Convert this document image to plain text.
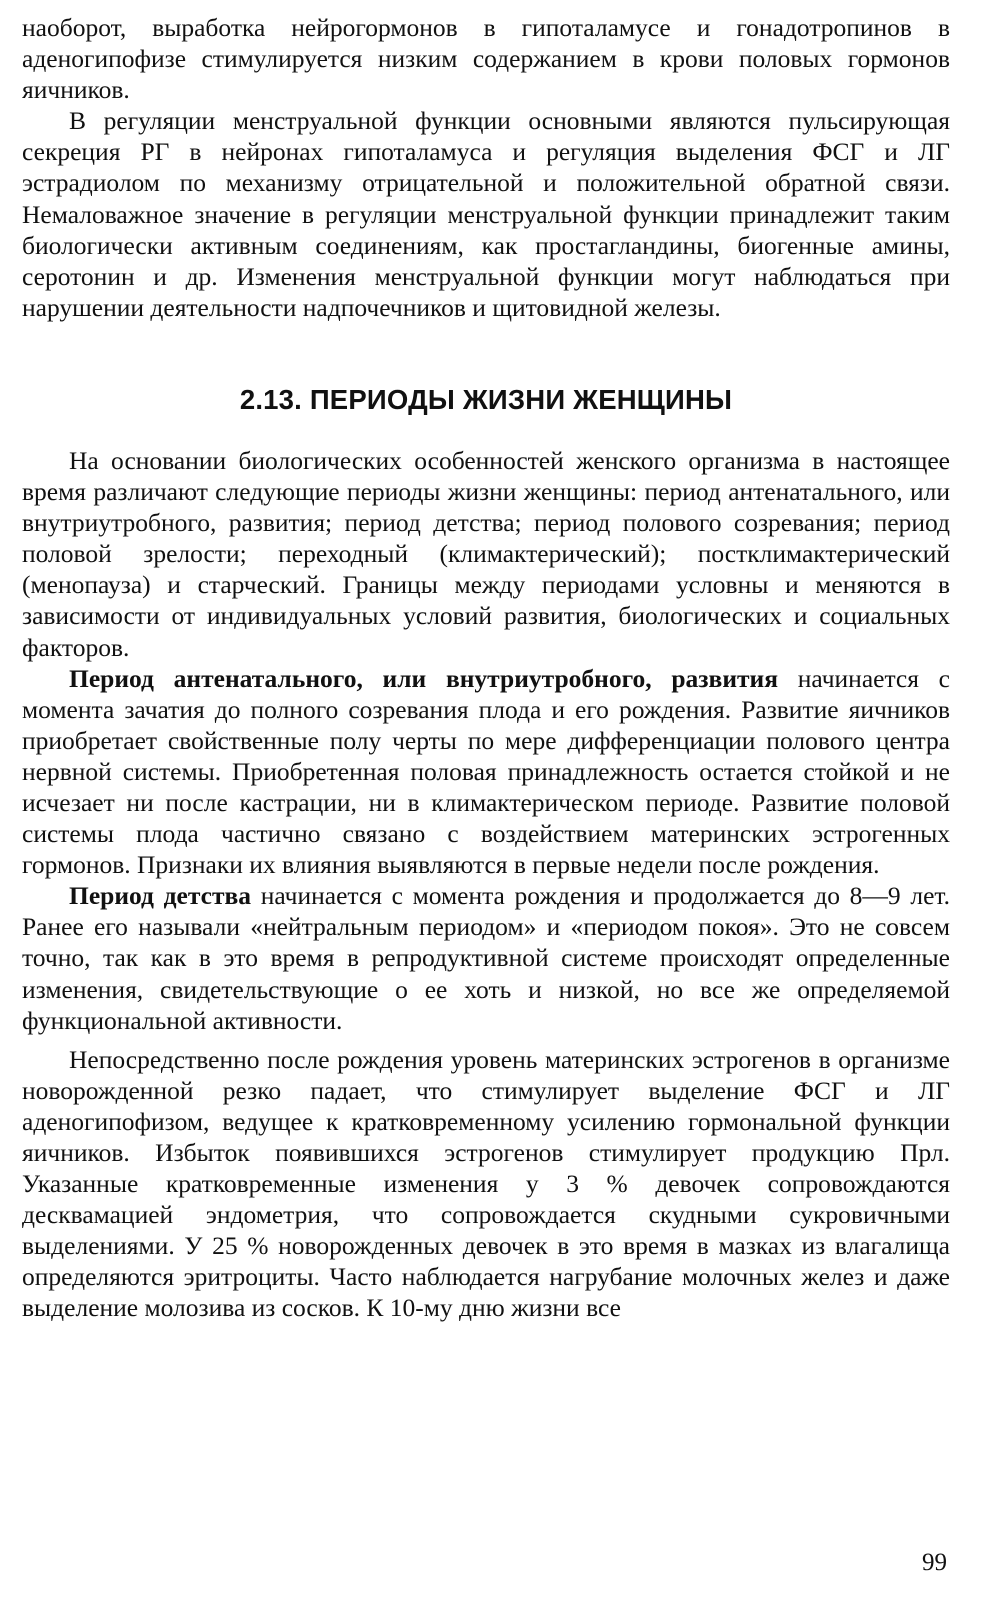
наоборот, выработка нейрогормонов в гипоталамусе и гонадотропинов в аденогипофизе стимулируется низким содержанием в крови половых гормонов яичников.

В регуляции менструальной функции основными являются пульсирующая секреция РГ в нейронах гипоталамуса и регуляция выделения ФСГ и ЛГ эстрадиолом по механизму отрицательной и положительной обратной связи. Немаловажное значение в регуляции менструальной функции принадлежит таким биологически активным соединениям, как простагландины, биогенные амины, серотонин и др. Изменения менструальной функции могут наблюдаться при нарушении деятельности надпочечников и щитовидной железы.

2.13. ПЕРИОДЫ ЖИЗНИ ЖЕНЩИНЫ

На основании биологических особенностей женского организма в настоящее время различают следующие периоды жизни женщины: период антенатального, или внутриутробного, развития; период детства; период полового созревания; период половой зрелости; переходный (климактерический); постклимактерический (менопауза) и старческий. Границы между периодами условны и меняются в зависимости от индивидуальных условий развития, биологических и социальных факторов.

Период антенатального, или внутриутробного, развития начинается с момента зачатия до полного созревания плода и его рождения. Развитие яичников приобретает свойственные полу черты по мере дифференциации полового центра нервной системы. Приобретенная половая принадлежность остается стойкой и не исчезает ни после кастрации, ни в климактерическом периоде. Развитие половой системы плода частично связано с воздействием материнских эстрогенных гормонов. Признаки их влияния выявляются в первые недели после рождения.

Период детства начинается с момента рождения и продолжается до 8—9 лет. Ранее его называли «нейтральным периодом» и «периодом покоя». Это не совсем точно, так как в это время в репродуктивной системе происходят определенные изменения, свидетельствующие о ее хоть и низкой, но все же определяемой функциональной активности.

Непосредственно после рождения уровень материнских эстрогенов в организме новорожденной резко падает, что стимулирует выделение ФСГ и ЛГ аденогипофизом, ведущее к кратковременному усилению гормональной функции яичников. Избыток появившихся эстрогенов стимулирует продукцию Прл. Указанные кратковременные изменения у 3 % девочек сопровождаются десквамацией эндометрия, что сопровождается скудными сукровичными выделениями. У 25 % новорожденных девочек в это время в мазках из влагалища определяются эритроциты. Часто наблюдается нагрубание молочных желез и даже выделение молозива из сосков. К 10-му дню жизни все

99
